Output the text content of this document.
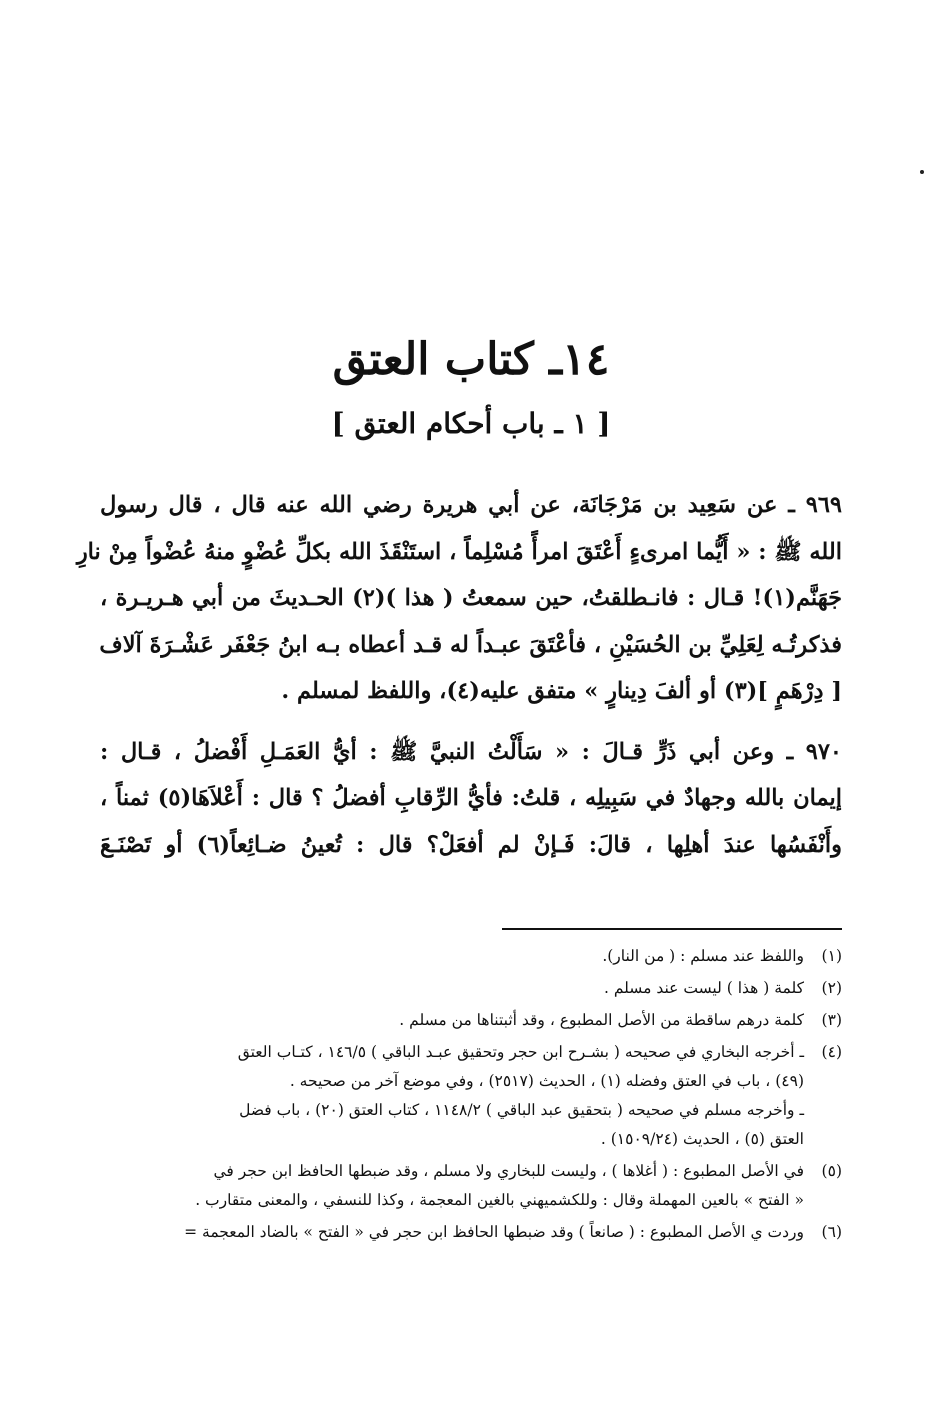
١٤ـ كتاب العتق
[ ١ ـ باب أحكام العتق ]

٩٦٩ ـ عن سَعِيد بن مَرْجَانَة، عن أبي هريرة رضي الله عنه قال ، قال رسول
الله ﷺ : « أَيُّما امرىءٍ أَعْتَقَ امرأً مُسْلِماً ، استَنْقَذَ الله بكلِّ عُضْوٍ منهُ عُضْواً مِنْ نارِ
جَهَنَّم(١)! قـال : فانـطلقتُ، حين سمعتُ ( هذا )(٢) الحـديثَ من أبي هـريـرة ،
فذكرتُـه لِعَلِيِّ بن الحُسَيْنِ ، فأعْتَقَ عبـداً له قـد أعطاه بـه ابنُ جَعْفَر عَشْـرَةَ آلاف
[ دِرْهَمٍ ](٣) أو ألفَ دِينارٍ » متفق عليه(٤)، واللفظ لمسلم .

٩٧٠ ـ وعن أبي ذَرٍّ قـالَ : « سَأَلْتُ النبيَّ ﷺ : أيُّ العَمَـلِ أَفْضلُ ، قـال :
إيمان بالله وجهادٌ في سَبِيلِه ، قلتُ: فأيُّ الرِّقابِ أفضلُ ؟ قال : أَعْلاَهَا(٥) ثمناً ،
وأَنْفَسُها عندَ أهلِها ، قالَ: فَـإنْ لم أفعَلْ؟ قال : تُعينُ ضـائِعاً(٦) أو تَصْنَـعَ

(١)
واللفظ عند مسلم : ( من النار).
(٢)
كلمة ( هذا ) ليست عند مسلم .
(٣)
كلمة درهم ساقطة من الأصل المطبوع ، وقد أثبتناها من مسلم .
(٤)
ـ أخرجه البخاري في صحيحه ( بشـرح ابن حجر وتحقيق عبـد الباقي ) ١٤٦/٥ ، كتـاب العتق
(٤٩) ، باب في العتق وفضله (١) ، الحديث (٢٥١٧) ، وفي موضع آخر من صحيحه .
ـ وأخرجه مسلم في صحيحه ( بتحقيق عبد الباقي ) ١١٤٨/٢ ، كتاب العتق (٢٠) ، باب فضل
العتق (٥) ، الحديث (١٥٠٩/٢٤) .
(٥)
في الأصل المطبوع : ( أغلاها ) ، وليست للبخاري ولا مسلم ، وقد ضبطها الحافظ ابن حجر في
« الفتح » بالعين المهملة وقال : وللكشميهني بالغين المعجمة ، وكذا للنسفي ، والمعنى متقارب .
(٦)
وردت ي الأصل المطبوع : ( صانعاً ) وقد ضبطها الحافظ ابن حجر في « الفتح » بالضاد المعجمة =
